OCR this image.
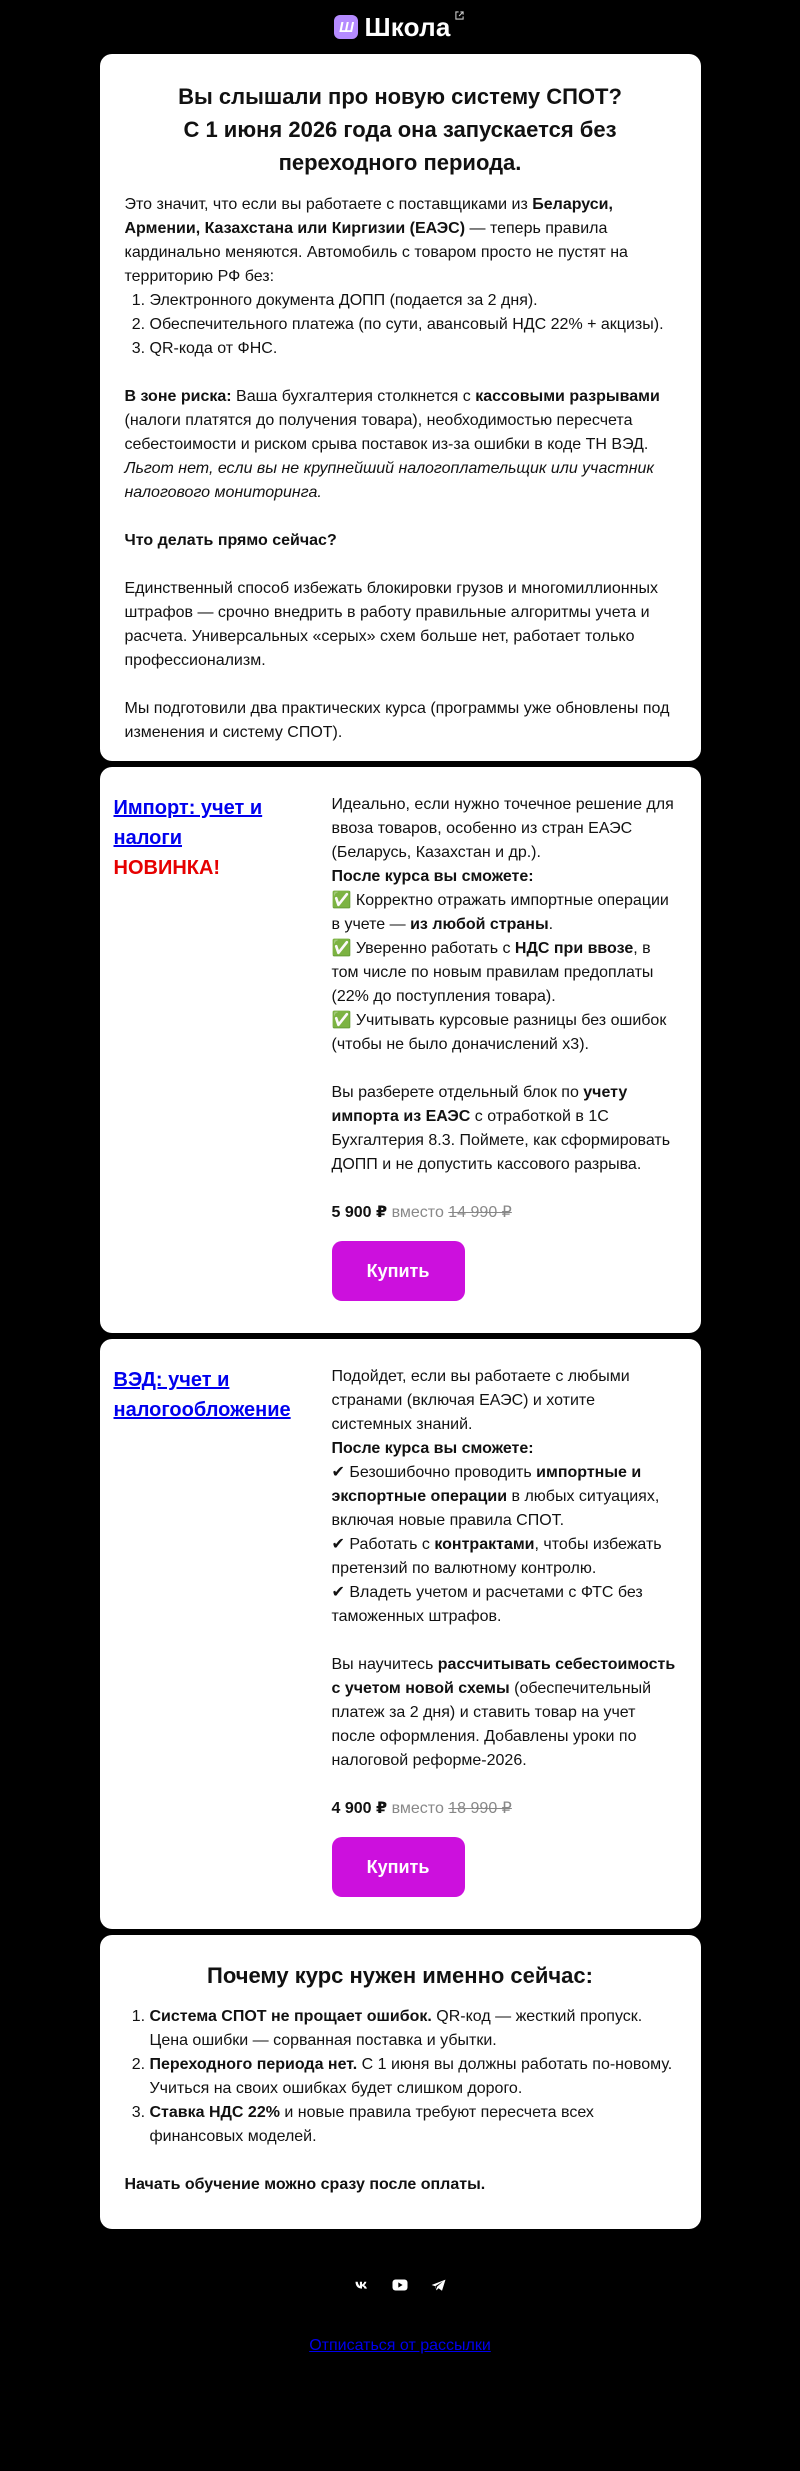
Ш Школа
Вы слышали про новую систему СПОТ?
С 1 июня 2026 года она запускается без переходного периода.

Это значит, что если вы работаете с поставщиками из Беларуси, Армении, Казахстана или Киргизии (ЕАЭС) — теперь правила кардинально меняются. Автомобиль с товаром просто не пустят на территорию РФ без:

1. Электронного документа ДОПП (подается за 2 дня).
2. Обеспечительного платежа (по сути, авансовый НДС 22% + акцизы).
3. QR-кода от ФНС.

В зоне риска: Ваша бухгалтерия столкнется с кассовыми разрывами (налоги платятся до получения товара), необходимостью пересчета себестоимости и риском срыва поставок из-за ошибки в коде ТН ВЭД. Льгот нет, если вы не крупнейший налогоплательщик или участник налогового мониторинга.

Что делать прямо сейчас?

Единственный способ избежать блокировки грузов и многомиллионных штрафов — срочно внедрить в работу правильные алгоритмы учета и расчета. Универсальных «серых» схем больше нет, работает только профессионализм.

Мы подготовили два практических курса (программы уже обновлены под изменения и систему СПОТ).

Импорт: учет и налоги
НОВИНКА!

Идеально, если нужно точечное решение для ввоза товаров, особенно из стран ЕАЭС (Беларусь, Казахстан и др.).

После курса вы сможете:

✅ Корректно отражать импортные операции в учете — из любой страны.

✅ Уверенно работать с НДС при ввозе, в том числе по новым правилам предоплаты (22% до поступления товара).

✅ Учитывать курсовые разницы без ошибок (чтобы не было доначислений х3).

Вы разберете отдельный блок по учету импорта из ЕАЭС с отработкой в 1С Бухгалтерия 8.3. Поймете, как сформировать ДОПП и не допустить кассового разрыва.

5 900 ₽ вместо 14 990 ₽

Купить
ВЭД: учет и налогообложение

Подойдет, если вы работаете с любыми странами (включая ЕАЭС) и хотите системных знаний.

После курса вы сможете:

✔ Безошибочно проводить импортные и экспортные операции в любых ситуациях, включая новые правила СПОТ.

✔ Работать с контрактами, чтобы избежать претензий по валютному контролю.

✔ Владеть учетом и расчетами с ФТС без таможенных штрафов.

Вы научитесь рассчитывать себестоимость с учетом новой схемы (обеспечительный платеж за 2 дня) и ставить товар на учет после оформления. Добавлены уроки по налоговой реформе-2026.

4 900 ₽ вместо 18 990 ₽

Купить
Почему курс нужен именно сейчас:
1. Система СПОТ не прощает ошибок. QR-код — жесткий пропуск. Цена ошибки — сорванная поставка и убытки.
2. Переходного периода нет. С 1 июня вы должны работать по-новому. Учиться на своих ошибках будет слишком дорого.
3. Ставка НДС 22% и новые правила требуют пересчета всех финансовых моделей.

Начать обучение можно сразу после оплаты.

Отписаться от рассылки
